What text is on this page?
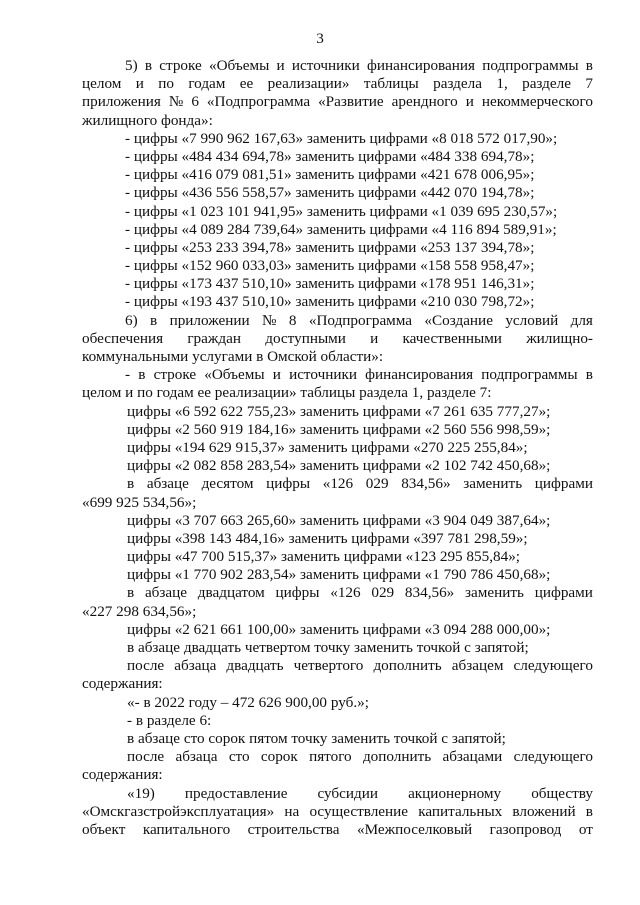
3
5) в строке «Объемы и источники финансирования подпрограммы в
целом и по годам ее реализации» таблицы раздела 1, разделе 7
приложения № 6 «Подпрограмма «Развитие арендного и некоммерческого
жилищного фонда»:
- цифры «7 990 962 167,63» заменить цифрами «8 018 572 017,90»;
- цифры «484 434 694,78» заменить цифрами «484 338 694,78»;
- цифры «416 079 081,51» заменить цифрами «421 678 006,95»;
- цифры «436 556 558,57» заменить цифрами «442 070 194,78»;
- цифры «1 023 101 941,95» заменить цифрами «1 039 695 230,57»;
- цифры «4 089 284 739,64» заменить цифрами «4 116 894 589,91»;
- цифры «253 233 394,78» заменить цифрами «253 137 394,78»;
- цифры «152 960 033,03» заменить цифрами «158 558 958,47»;
- цифры «173 437 510,10» заменить цифрами «178 951 146,31»;
- цифры «193 437 510,10» заменить цифрами «210 030 798,72»;
6) в приложении № 8 «Подпрограмма «Создание условий для
обеспечения граждан доступными и качественными жилищно-
коммунальными услугами в Омской области»:
- в строке «Объемы и источники финансирования подпрограммы в
целом и по годам ее реализации» таблицы раздела 1, разделе 7:
цифры «6 592 622 755,23» заменить цифрами «7 261 635 777,27»;
цифры «2 560 919 184,16» заменить цифрами «2 560 556 998,59»;
цифры «194 629 915,37» заменить цифрами «270 225 255,84»;
цифры «2 082 858 283,54» заменить цифрами «2 102 742 450,68»;
в абзаце десятом цифры «126 029 834,56» заменить цифрами
«699 925 534,56»;
цифры «3 707 663 265,60» заменить цифрами «3 904 049 387,64»;
цифры «398 143 484,16» заменить цифрами «397 781 298,59»;
цифры «47 700 515,37» заменить цифрами «123 295 855,84»;
цифры «1 770 902 283,54» заменить цифрами «1 790 786 450,68»;
в абзаце двадцатом цифры «126 029 834,56» заменить цифрами
«227 298 634,56»;
цифры «2 621 661 100,00» заменить цифрами «3 094 288 000,00»;
в абзаце двадцать четвертом точку заменить точкой с запятой;
после абзаца двадцать четвертого дополнить абзацем следующего
содержания:
«- в 2022 году – 472 626 900,00 руб.»;
- в разделе 6:
в абзаце сто сорок пятом точку заменить точкой с запятой;
после абзаца сто сорок пятого дополнить абзацами следующего
содержания:
«19) предоставление субсидии акционерному обществу
«Омскгазстройэксплуатация» на осуществление капитальных вложений в
объект капитального строительства «Межпоселковый газопровод от
